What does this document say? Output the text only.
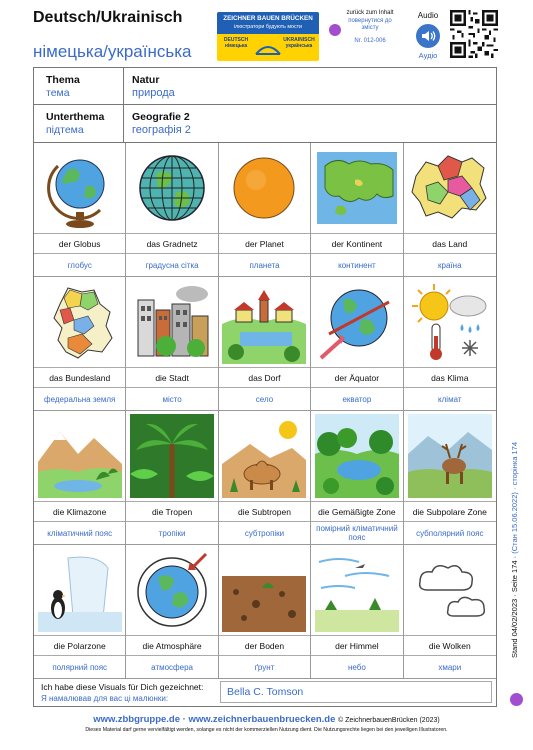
Deutsch/Ukrainisch
німецька/українська
ZEICHNER BAUEN BRÜCKEN
ілюстратори будують мости
DEUTSCH німецька
UKRAINISCH українська
zurück zum Inhalt
повернутися до змісту
Nr. 012-006
Audio
Аудіо
Thema
тема
Natur
природа
Unterthema
підтема
Geografie 2
географія 2
der Globus
глобус
das Gradnetz
градусна сітка
der Planet
планета
der Kontinent
континент
das Land
країна
das Bundesland
федеральна земля
die Stadt
місто
das Dorf
село
der Äquator
екватор
das Klima
клімат
die Klimazone
кліматичний пояс
die Tropen
тропіки
die Subtropen
субтропіки
die Gemäßigte Zone
помірний кліматичний пояс
die Subpolare Zone
субполярний пояс
die Polarzone
полярний пояс
die Atmosphäre
атмосфера
der Boden
ґрунт
der Himmel
небо
die Wolken
хмари
Ich habe diese Visuals für Dich gezeichnet:
Я намалював для вас ці малюнки:
Bella C. Tomson
www.zbbgruppe.de · www.zeichnerbauenbruecken.de © ZeichnerbauenBrücken (2023)
Dieses Material darf gerne vervielfältigt werden, solange es nicht der kommerziellen Nutzung dient. Die Nutzungsrechte liegen bei den jeweiligen Illustratoren.
Stand 04/02/2023 · Seite 174 · (Стан 15.06.2022) · сторінка 174
